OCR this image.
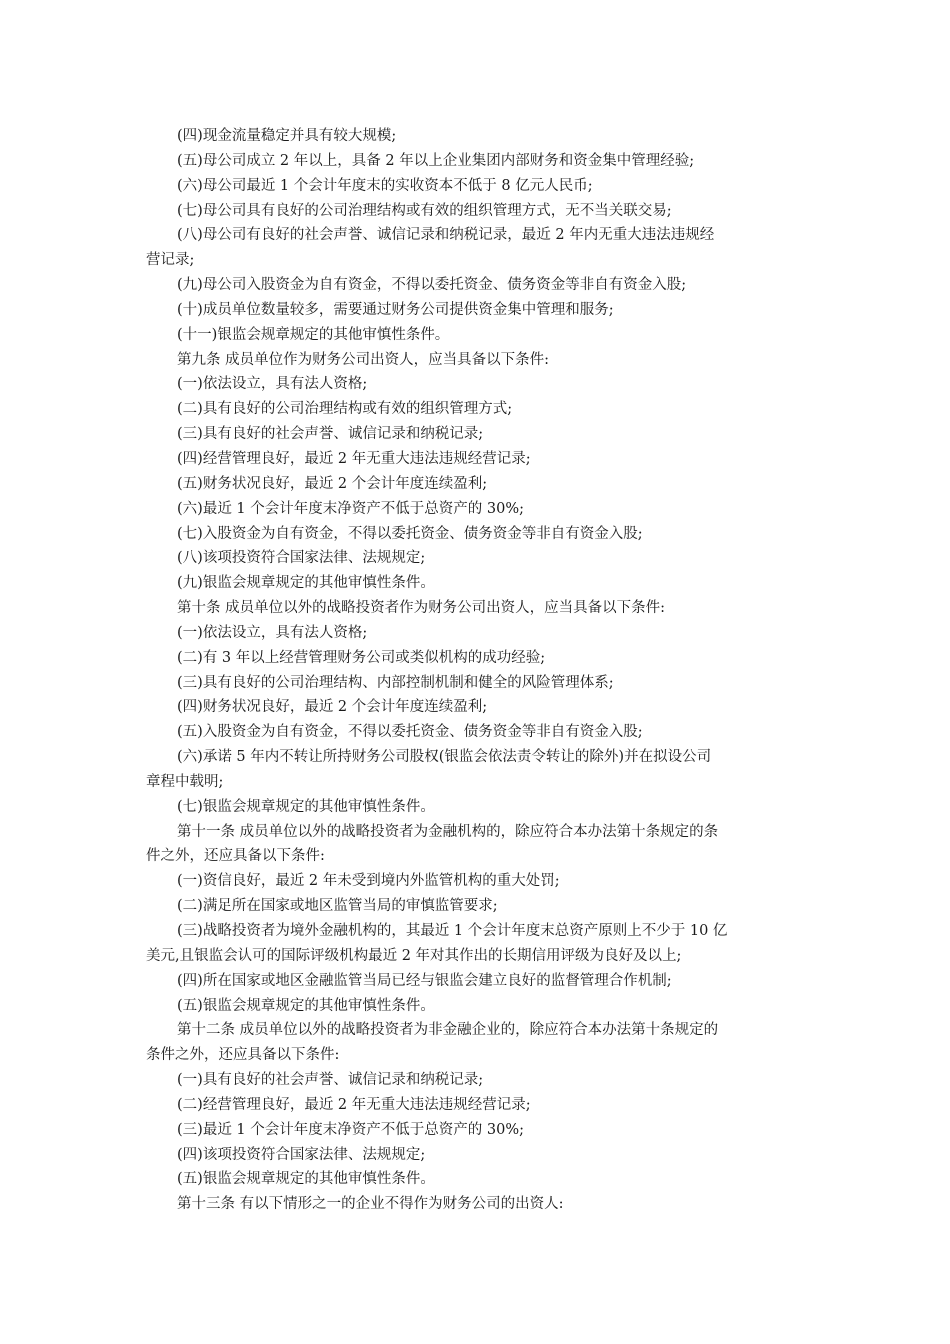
(四)现金流量稳定并具有较大规模;

(五)母公司成立 2 年以上，具备 2 年以上企业集团内部财务和资金集中管理经验;

(六)母公司最近 1 个会计年度末的实收资本不低于 8 亿元人民币;

(七)母公司具有良好的公司治理结构或有效的组织管理方式，无不当关联交易;

(八)母公司有良好的社会声誉、诚信记录和纳税记录，最近 2 年内无重大违法违规经

营记录;

(九)母公司入股资金为自有资金，不得以委托资金、债务资金等非自有资金入股;

(十)成员单位数量较多，需要通过财务公司提供资金集中管理和服务;

(十一)银监会规章规定的其他审慎性条件。

第九条 成员单位作为财务公司出资人，应当具备以下条件:

(一)依法设立，具有法人资格;

(二)具有良好的公司治理结构或有效的组织管理方式;

(三)具有良好的社会声誉、诚信记录和纳税记录;

(四)经营管理良好，最近 2 年无重大违法违规经营记录;

(五)财务状况良好，最近 2 个会计年度连续盈利;

(六)最近 1 个会计年度末净资产不低于总资产的 30%;

(七)入股资金为自有资金，不得以委托资金、债务资金等非自有资金入股;

(八)该项投资符合国家法律、法规规定;

(九)银监会规章规定的其他审慎性条件。

第十条 成员单位以外的战略投资者作为财务公司出资人，应当具备以下条件:

(一)依法设立，具有法人资格;

(二)有 3 年以上经营管理财务公司或类似机构的成功经验;

(三)具有良好的公司治理结构、内部控制机制和健全的风险管理体系;

(四)财务状况良好，最近 2 个会计年度连续盈利;

(五)入股资金为自有资金，不得以委托资金、债务资金等非自有资金入股;

(六)承诺 5 年内不转让所持财务公司股权(银监会依法责令转让的除外)并在拟设公司

章程中载明;

(七)银监会规章规定的其他审慎性条件。

第十一条 成员单位以外的战略投资者为金融机构的，除应符合本办法第十条规定的条

件之外，还应具备以下条件:

(一)资信良好，最近 2 年未受到境内外监管机构的重大处罚;

(二)满足所在国家或地区监管当局的审慎监管要求;

(三)战略投资者为境外金融机构的，其最近 1 个会计年度末总资产原则上不少于 10 亿

美元,且银监会认可的国际评级机构最近 2 年对其作出的长期信用评级为良好及以上;

(四)所在国家或地区金融监管当局已经与银监会建立良好的监督管理合作机制;

(五)银监会规章规定的其他审慎性条件。

第十二条 成员单位以外的战略投资者为非金融企业的，除应符合本办法第十条规定的

条件之外，还应具备以下条件:

(一)具有良好的社会声誉、诚信记录和纳税记录;

(二)经营管理良好，最近 2 年无重大违法违规经营记录;

(三)最近 1 个会计年度末净资产不低于总资产的 30%;

(四)该项投资符合国家法律、法规规定;

(五)银监会规章规定的其他审慎性条件。

第十三条 有以下情形之一的企业不得作为财务公司的出资人:
